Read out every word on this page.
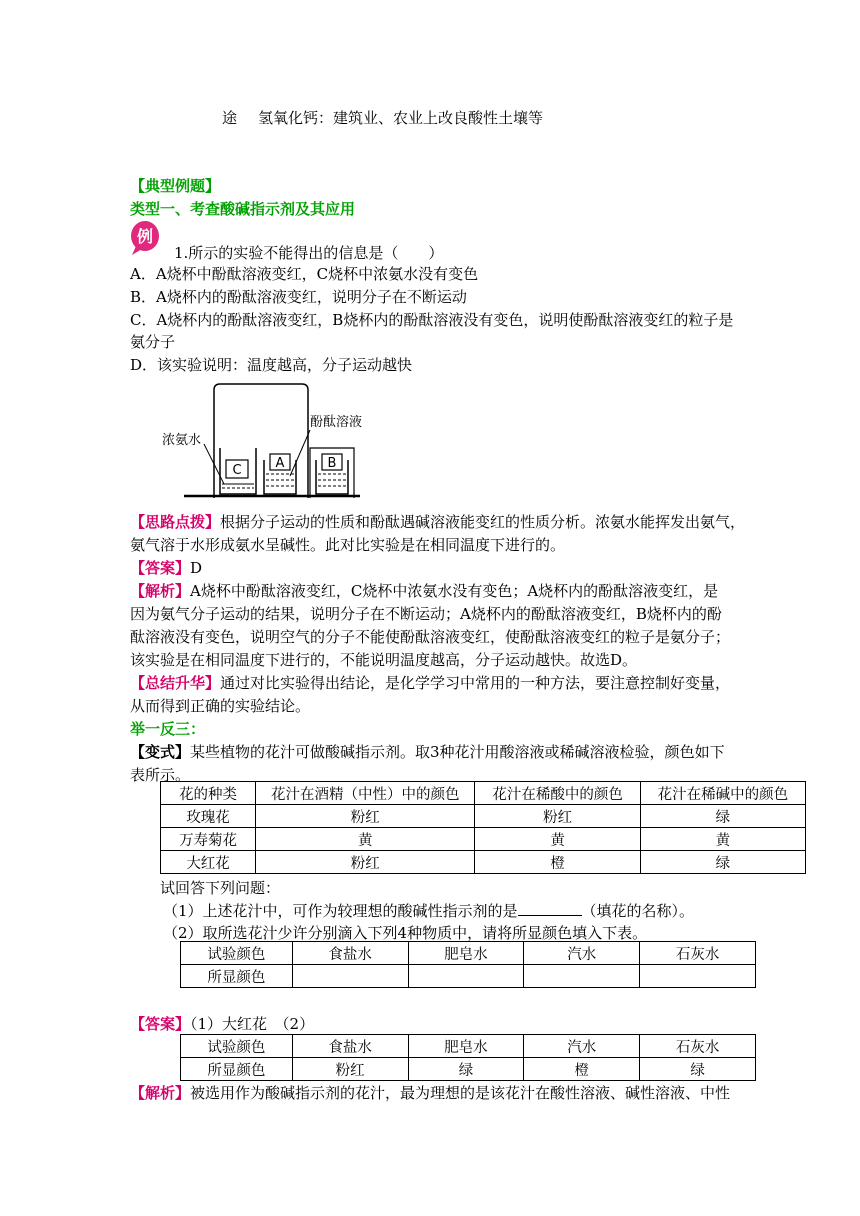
途 氢氧化钙：建筑业、农业上改良酸性土壤等
【典型例题】
类型一、考查酸碱指示剂及其应用
例
1.所示的实验不能得出的信息是（　　）
A．A烧杯中酚酞溶液变红，C烧杯中浓氨水没有变色
B．A烧杯内的酚酞溶液变红，说明分子在不断运动
C．A烧杯内的酚酞溶液变红，B烧杯内的酚酞溶液没有变色，说明使酚酞溶液变红的粒子是
氨分子
D．该实验说明：温度越高，分子运动越快
C	A	B
浓氨水
酚酞溶液
【思路点拨】根据分子运动的性质和酚酞遇碱溶液能变红的性质分析。浓氨水能挥发出氨气，
氨气溶于水形成氨水呈碱性。此对比实验是在相同温度下进行的。
【答案】D
【解析】A烧杯中酚酞溶液变红，C烧杯中浓氨水没有变色；A烧杯内的酚酞溶液变红，是
因为氨气分子运动的结果，说明分子在不断运动；A烧杯内的酚酞溶液变红，B烧杯内的酚
酞溶液没有变色，说明空气的分子不能使酚酞溶液变红，使酚酞溶液变红的粒子是氨分子；
该实验是在相同温度下进行的，不能说明温度越高，分子运动越快。故选D。
【总结升华】通过对比实验得出结论，是化学学习中常用的一种方法，要注意控制好变量，
从而得到正确的实验结论。
举一反三：
【变式】某些植物的花汁可做酸碱指示剂。取3种花汁用酸溶液或稀碱溶液检验，颜色如下
表所示。
花的种类	花汁在酒精（中性）中的颜色	花汁在稀酸中的颜色	花汁在稀碱中的颜色
玫瑰花	粉红	粉红	绿
万寿菊花	黄	黄	黄
大红花	粉红	橙	绿
试回答下列问题：
（1）上述花汁中，可作为较理想的酸碱性指示剂的是	（填花的名称）。
（2）取所选花汁少许分别滴入下列4种物质中，请将所显颜色填入下表。
试验颜色	食盐水	肥皂水	汽水	石灰水
所显颜色				
【答案】（1）大红花　（2）
试验颜色	食盐水	肥皂水	汽水	石灰水
所显颜色	粉红	绿	橙	绿
【解析】被选用作为酸碱指示剂的花汁，最为理想的是该花汁在酸性溶液、碱性溶液、中性
